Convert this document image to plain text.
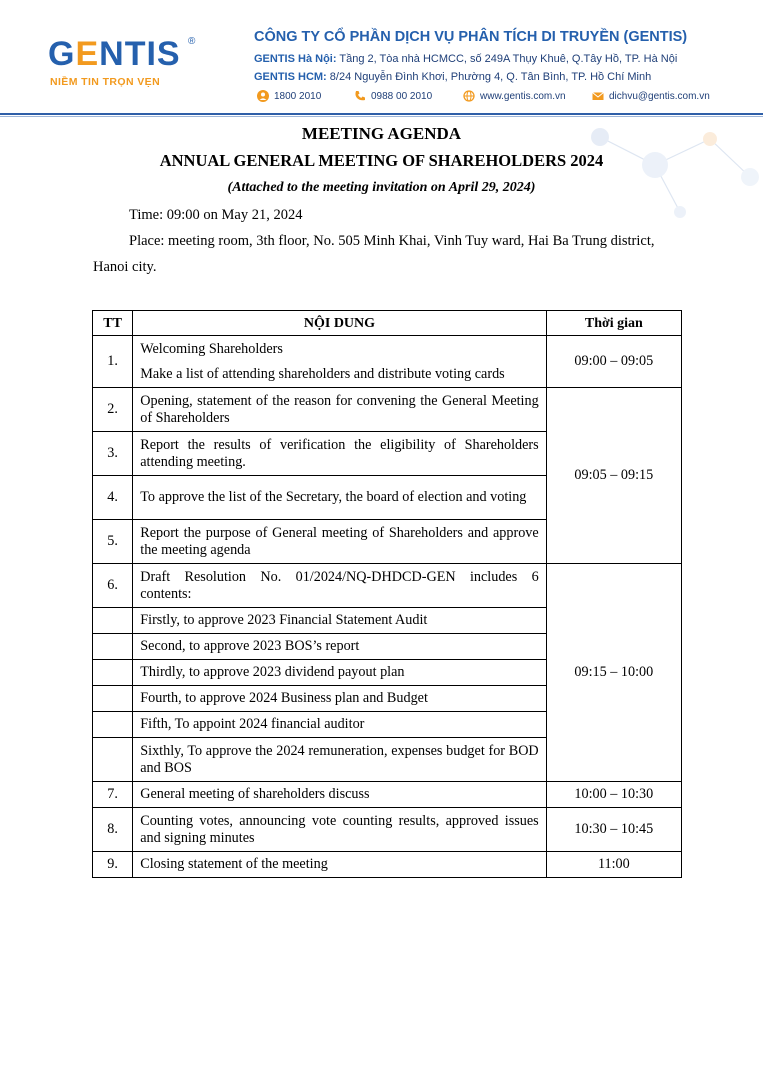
GENTIS ®
NIỀM TIN TRỌN VẸN
CÔNG TY CỔ PHẦN DỊCH VỤ PHÂN TÍCH DI TRUYỀN (GENTIS)
GENTIS Hà Nội: Tầng 2, Tòa nhà HCMCC, số 249A Thụy Khuê, Q.Tây Hồ, TP. Hà Nội
GENTIS HCM: 8/24 Nguyễn Đình Khơi, Phường 4, Q. Tân Bình, TP. Hồ Chí Minh
1800 2010	0988 00 2010	www.gentis.com.vn	dichvu@gentis.com.vn
MEETING AGENDA
ANNUAL GENERAL MEETING OF SHAREHOLDERS 2024
(Attached to the meeting invitation on April 29, 2024)
Time: 09:00 on May 21, 2024
Place: meeting room, 3th floor, No. 505 Minh Khai, Vinh Tuy ward, Hai Ba Trung district,
Hanoi city.
TT	NỘI DUNG	Thời gian
1.	Welcoming Shareholders
Make a list of attending shareholders and distribute voting cards	09:00 – 09:05
2.	Opening, statement of the reason for convening the General Meeting of Shareholders	09:05 – 09:15
3.	Report the results of verification the eligibility of Shareholders attending meeting.	
4.	To approve the list of the Secretary, the board of election and voting	
5.	Report the purpose of General meeting of Shareholders and approve the meeting agenda	
6.	Draft Resolution No. 01/2024/NQ-DHDCD-GEN includes 6 contents:	09:15 – 10:00
	Firstly, to approve 2023 Financial Statement Audit	
	Second, to approve 2023 BOS’s report	
	Thirdly, to approve 2023 dividend payout plan	
	Fourth, to approve 2024 Business plan and Budget	
	Fifth, To appoint 2024 financial auditor	
	Sixthly, To approve the 2024 remuneration, expenses budget for BOD and BOS	
7.	General meeting of shareholders discuss	10:00 – 10:30
8.	Counting votes, announcing vote counting results, approved issues and signing minutes	10:30 – 10:45
9.	Closing statement of the meeting	11:00
